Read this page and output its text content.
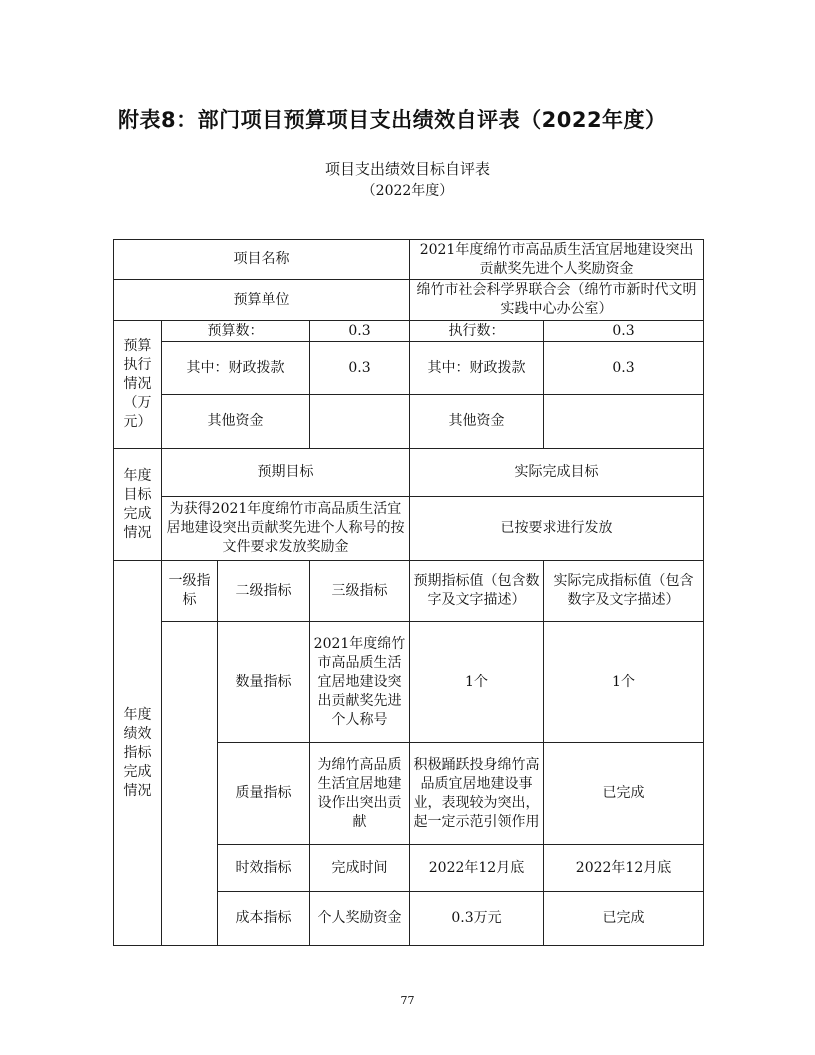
附表8：部门项目预算项目支出绩效自评表（2022年度）
项目支出绩效目标自评表
（2022年度）
项目名称				2021年度绵竹市高品质生活宜居地建设突出贡献奖先进个人奖励资金	
预算单位				绵竹市社会科学界联合会（绵竹市新时代文明实践中心办公室）	
预算执行情况（万元）	预算数：		0.3	执行数：	0.3
	其中：财政拨款		0.3	其中：财政拨款	0.3
	其他资金			其他资金	
年度目标完成情况	预期目标			实际完成目标	
	为获得2021年度绵竹市高品质生活宜居地建设突出贡献奖先进个人称号的按文件要求发放奖励金			已按要求进行发放	
年度绩效指标完成情况	一级指标	二级指标	三级指标	预期指标值（包含数字及文字描述）	实际完成指标值（包含数字及文字描述）
		数量指标	2021年度绵竹市高品质生活宜居地建设突出贡献奖先进个人称号	1个	1个
		质量指标	为绵竹高品质生活宜居地建设作出突出贡献	积极踊跃投身绵竹高品质宜居地建设事业，表现较为突出，起一定示范引领作用	已完成
		时效指标	完成时间	2022年12月底	2022年12月底
		成本指标	个人奖励资金	0.3万元	已完成
77
